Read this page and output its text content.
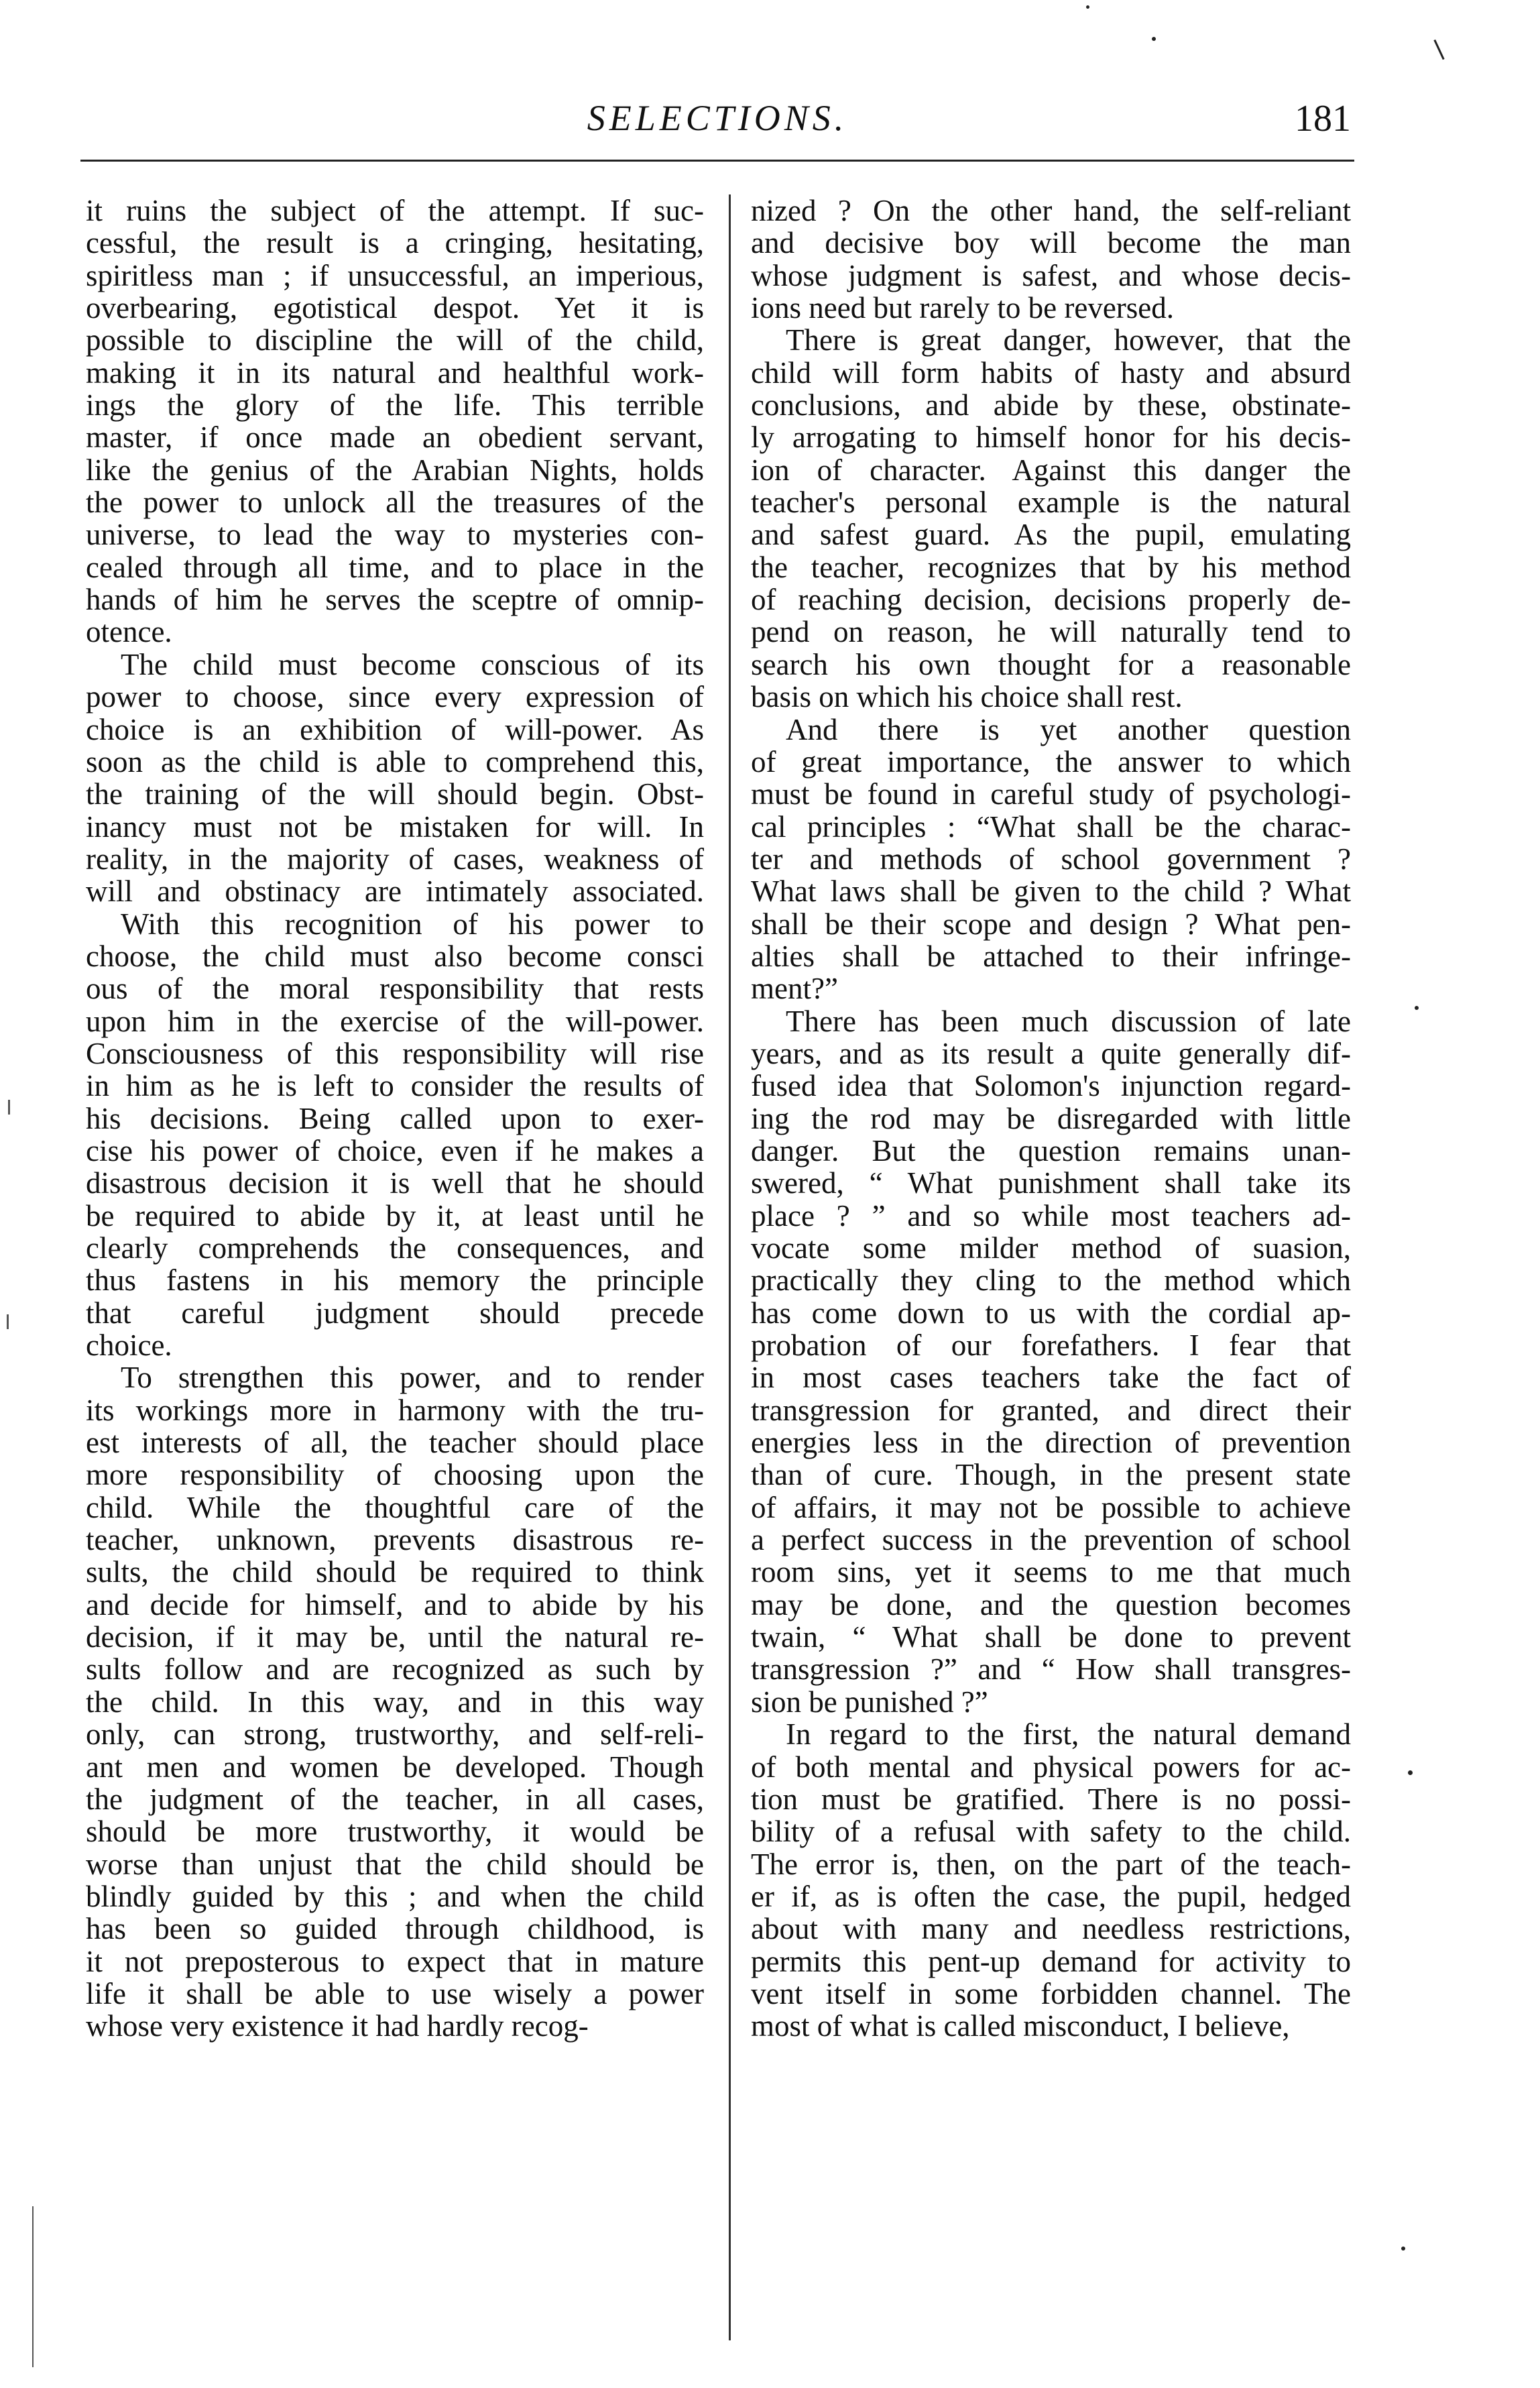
SELECTIONS.	181
it ruins the subject of the attempt. If suc-
cessful, the result is a cringing, hesitating,
spiritless man ; if unsuccessful, an imperious,
overbearing, egotistical despot. Yet it is
possible to discipline the will of the child,
making it in its natural and healthful work-
ings the glory of the life. This terrible
master, if once made an obedient servant,
like the genius of the Arabian Nights, holds
the power to unlock all the treasures of the
universe, to lead the way to mysteries con-
cealed through all time, and to place in the
hands of him he serves the sceptre of omnip-
otence.
The child must become conscious of its
power to choose, since every expression of
choice is an exhibition of will-power. As
soon as the child is able to comprehend this,
the training of the will should begin. Obst-
inancy must not be mistaken for will. In
reality, in the majority of cases, weakness of
will and obstinacy are intimately associated.
With this recognition of his power to
choose, the child must also become consci
ous of the moral responsibility that rests
upon him in the exercise of the will-power.
Consciousness of this responsibility will rise
in him as he is left to consider the results of
his decisions. Being called upon to exer-
cise his power of choice, even if he makes a
disastrous decision it is well that he should
be required to abide by it, at least until he
clearly comprehends the consequences, and
thus fastens in his memory the principle
that careful judgment should precede
choice.
To strengthen this power, and to render
its workings more in harmony with the tru-
est interests of all, the teacher should place
more responsibility of choosing upon the
child. While the thoughtful care of the
teacher, unknown, prevents disastrous re-
sults, the child should be required to think
and decide for himself, and to abide by his
decision, if it may be, until the natural re-
sults follow and are recognized as such by
the child. In this way, and in this way
only, can strong, trustworthy, and self-reli-
ant men and women be developed. Though
the judgment of the teacher, in all cases,
should be more trustworthy, it would be
worse than unjust that the child should be
blindly guided by this ; and when the child
has been so guided through childhood, is
it not preposterous to expect that in mature
life it shall be able to use wisely a power
whose very existence it had hardly recog-
nized ? On the other hand, the self-reliant
and decisive boy will become the man
whose judgment is safest, and whose decis-
ions need but rarely to be reversed.
There is great danger, however, that the
child will form habits of hasty and absurd
conclusions, and abide by these, obstinate-
ly arrogating to himself honor for his decis-
ion of character. Against this danger the
teacher's personal example is the natural
and safest guard. As the pupil, emulating
the teacher, recognizes that by his method
of reaching decision, decisions properly de-
pend on reason, he will naturally tend to
search his own thought for a reasonable
basis on which his choice shall rest.
And there is yet another question
of great importance, the answer to which
must be found in careful study of psychologi-
cal principles : “What shall be the charac-
ter and methods of school government ?
What laws shall be given to the child ? What
shall be their scope and design ? What pen-
alties shall be attached to their infringe-
ment?”
There has been much discussion of late
years, and as its result a quite generally dif-
fused idea that Solomon's injunction regard-
ing the rod may be disregarded with little
danger. But the question remains unan-
swered, “ What punishment shall take its
place ? ” and so while most teachers ad-
vocate some milder method of suasion,
practically they cling to the method which
has come down to us with the cordial ap-
probation of our forefathers. I fear that
in most cases teachers take the fact of
transgression for granted, and direct their
energies less in the direction of prevention
than of cure. Though, in the present state
of affairs, it may not be possible to achieve
a perfect success in the prevention of school
room sins, yet it seems to me that much
may be done, and the question becomes
twain, “ What shall be done to prevent
transgression ?” and “ How shall transgres-
sion be punished ?”
In regard to the first, the natural demand
of both mental and physical powers for ac-
tion must be gratified. There is no possi-
bility of a refusal with safety to the child.
The error is, then, on the part of the teach-
er if, as is often the case, the pupil, hedged
about with many and needless restrictions,
permits this pent-up demand for activity to
vent itself in some forbidden channel. The
most of what is called misconduct, I believe,
